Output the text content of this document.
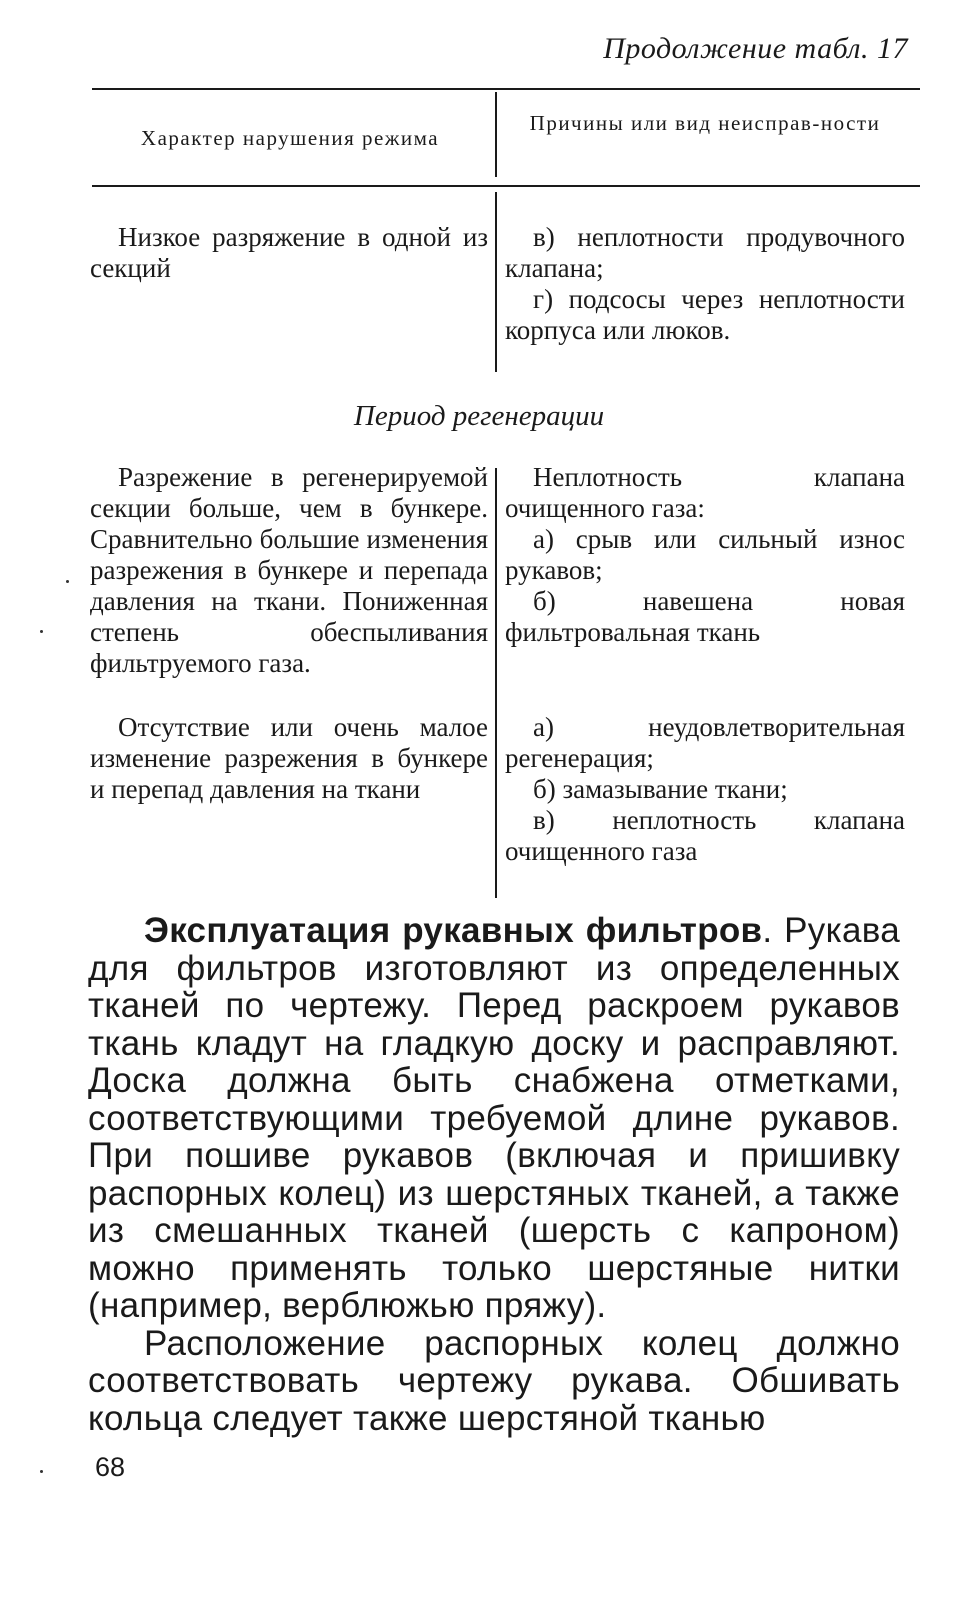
Продолжение табл. 17
Характер нарушения режима
Причины или вид неисправ-ности

Низкое разряжение в одной из секций

в) неплотности продувочного клапана;

г) подсосы через неплотности корпуса или люков.

Период регенерации

Разрежение в регенерируемой секции больше, чем в бункере. Сравнительно большие изменения разрежения в бункере и перепада давления на ткани. Пониженная степень обеспыливания фильтруемого газа.

Неплотность клапана очищенного газа:

а) срыв или сильный износ рукавов;

б) навешена новая фильтровальная ткань

Отсутствие или очень малое изменение разрежения в бункере и перепад давления на ткани

а) неудовлетворительная регенерация;

б) замазывание ткани;

в) неплотность клапана очищенного газа

Эксплуатация рукавных фильтров. Рукава для фильтров изготовляют из определенных тканей по чертежу. Перед раскроем рукавов ткань кладут на гладкую доску и расправляют. Доска должна быть снабжена отметками, соответствующими требуемой длине рукавов. При пошиве рукавов (включая и пришивку распорных колец) из шерстяных тканей, а также из смешанных тканей (шерсть с капроном) можно применять только шерстяные нитки (например, верблюжью пряжу).

Расположение распорных колец должно соответствовать чертежу рукава. Обшивать кольца следует также шерстяной тканью

68
